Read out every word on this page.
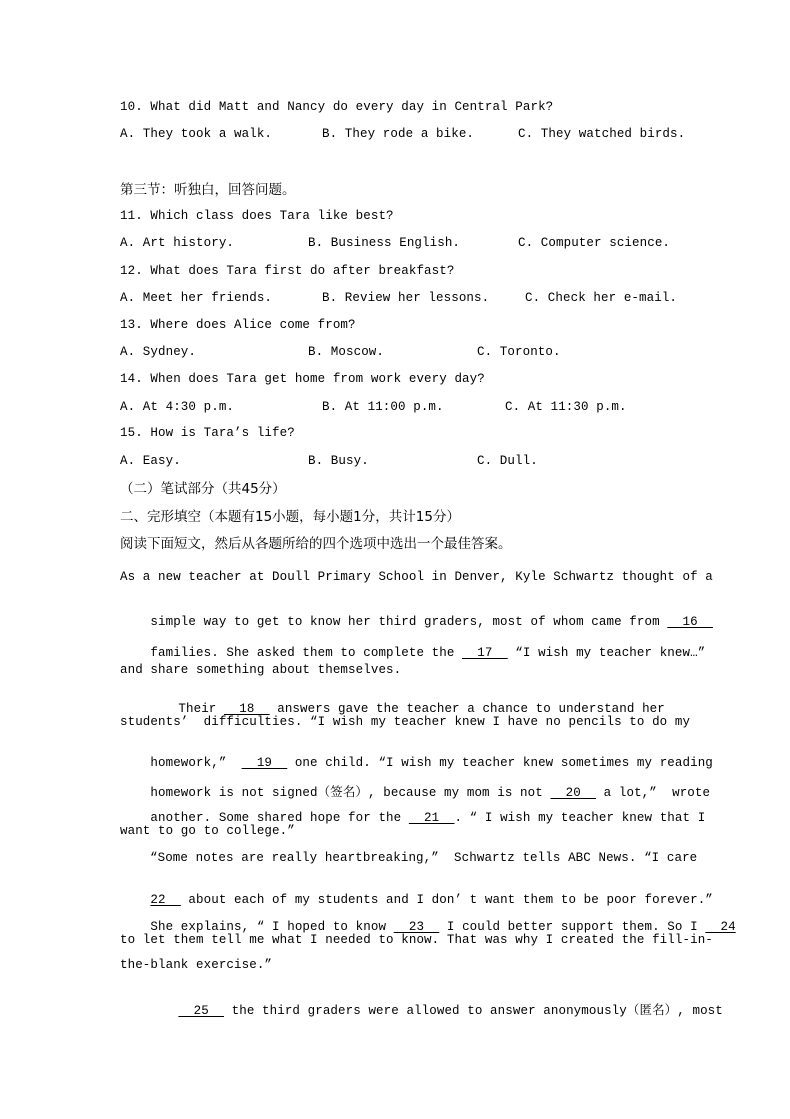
10. What did Matt and Nancy do every day in Central Park?
A. They took a walk.	B. They rode a bike.	C. They watched birds.
第三节：听独白，回答问题。
11. Which class does Tara like best?
A. Art history.	B. Business English.	C. Computer science.
12. What does Tara first do after breakfast?
A. Meet her friends.	B. Review her lessons.	C. Check her e-mail.
13. Where does Alice come from?
A. Sydney.	B. Moscow.	C. Toronto.
14. When does Tara get home from work every day?
A. At 4:30 p.m.	B. At 11:00 p.m.	C. At 11:30 p.m.
15. How is Tara’s life?
A. Easy.	B. Busy.	C. Dull.
（二）笔试部分（共45分）
二、完形填空（本题有15小题，每小题1分，共计15分）
阅读下面短文，然后从各题所给的四个选项中选出一个最佳答案。
As a new teacher at Doull Primary School in Denver, Kyle Schwartz thought of a

simple way to get to know her third graders, most of whom came from   16

families. She asked them to complete the   17   “I wish my teacher knew…”

and share something about themselves.

Their   18   answers gave the teacher a chance to understand her

students’  difficulties. “I wish my teacher knew I have no pencils to do my

homework,”    19   one child. “I wish my teacher knew sometimes my reading

homework is not signed（签名）, because my mom is not   20   a lot,”  wrote

another. Some shared hope for the   21  . “ I wish my teacher knew that I

want to go to college.”
“Some notes are really heartbreaking,”  Schwartz tells ABC News. “I care

22   about each of my students and I don’ t want them to be poor forever.”

She explains, “ I hoped to know   23   I could better support them. So I   24

to let them tell me what I needed to know. That was why I created the fill-in-
the-blank exercise.”

25   the third graders were allowed to answer anonymously（匿名）, most
